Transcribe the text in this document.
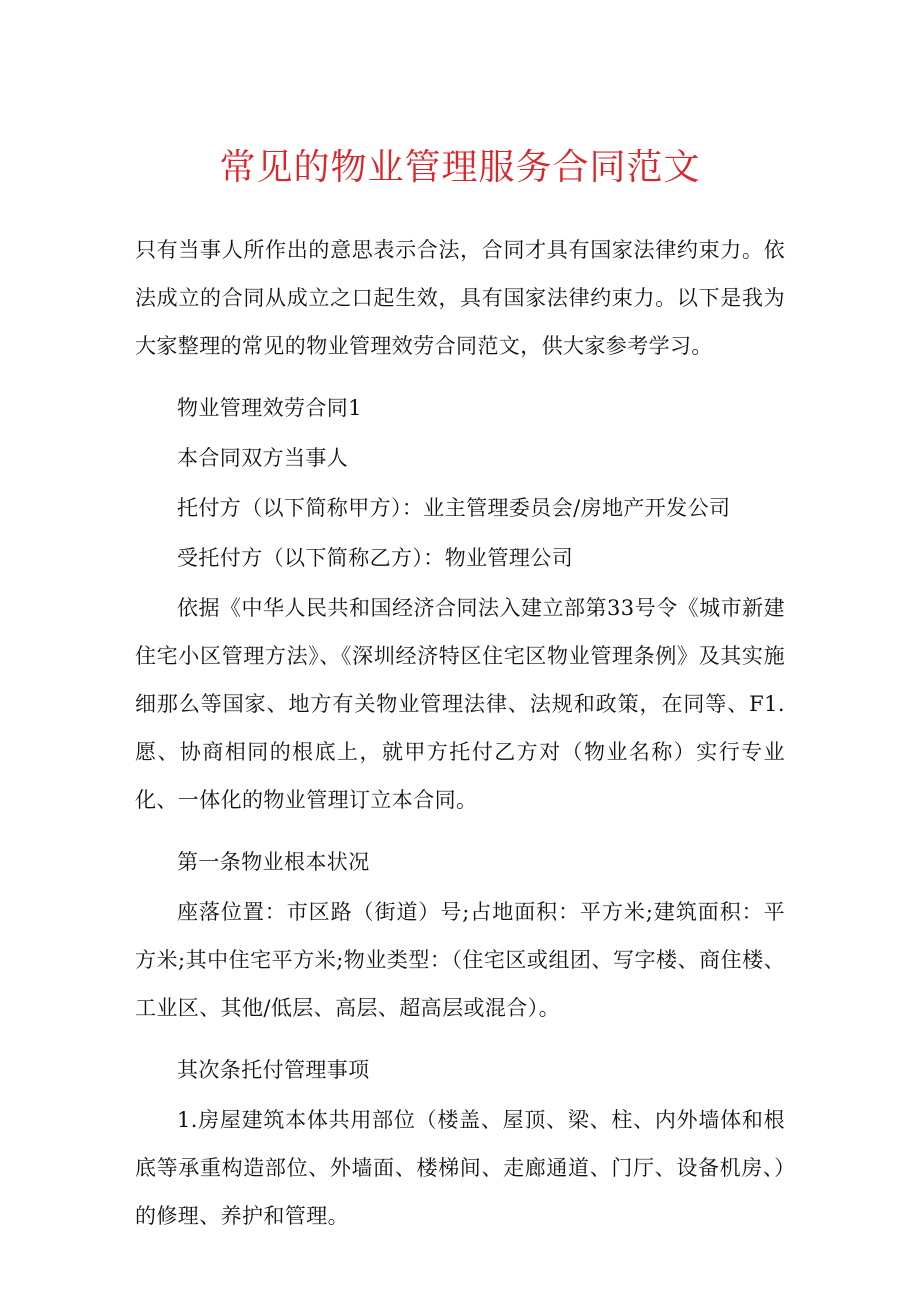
常见的物业管理服务合同范文

只有当事人所作出的意思表示合法，合同才具有国家法律约束力。依法成立的合同从成立之口起生效，具有国家法律约束力。以下是我为大家整理的常见的物业管理效劳合同范文，供大家参考学习。

物业管理效劳合同1

本合同双方当事人

托付方（以下简称甲方）：业主管理委员会/房地产开发公司

受托付方（以下简称乙方）：物业管理公司

依据《中华人民共和国经济合同法入建立部第33号令《城市新建住宅小区管理方法》、《深圳经济特区住宅区物业管理条例》及其实施细那么等国家、地方有关物业管理法律、法规和政策，在同等、F1.愿、协商相同的根底上，就甲方托付乙方对（物业名称）实行专业化、一体化的物业管理订立本合同。

第一条物业根本状况

座落位置：市区路（街道）号;占地面积：平方米;建筑面积：平方米;其中住宅平方米;物业类型：（住宅区或组团、写字楼、商住楼、工业区、其他/低层、高层、超高层或混合）。

其次条托付管理事项

1.房屋建筑本体共用部位（楼盖、屋顶、梁、柱、内外墙体和根底等承重构造部位、外墙面、楼梯间、走廊通道、门厅、设备机房、）的修理、养护和管理。
